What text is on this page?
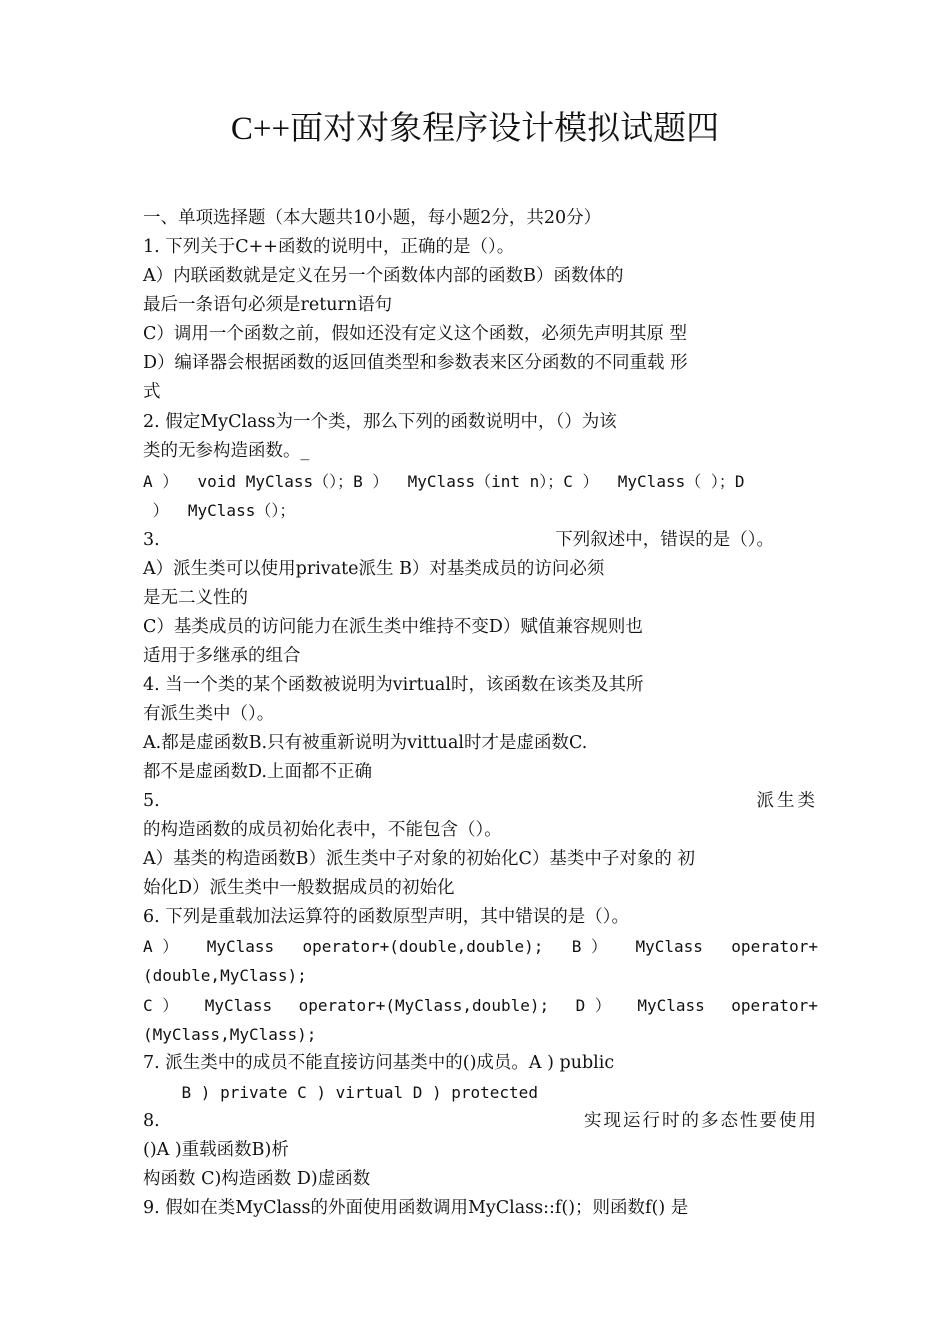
C++面对对象程序设计模拟试题四
一、单项选择题（本大题共10小题，每小题2分，共20分）
1. 下列关于C++函数的说明中，正确的是（）。
A）内联函数就是定义在另一个函数体内部的函数B）函数体的
最后一条语句必须是return语句
C）调用一个函数之前，假如还没有定义这个函数，必须先声明其原 型
D）编译器会根据函数的返回值类型和参数表来区分函数的不同重载 形
式
2. 假定MyClass为一个类，那么下列的函数说明中，（）为该
类的无参构造函数。_
A ）  void MyClass（）；B ）  MyClass（int n）；C ）  MyClass（ ）；D
）  MyClass（）；
3.	下列叙述中，错误的是（）。
A）派生类可以使用private派生 B）对基类成员的访问必须
是无二义性的
C）基类成员的访问能力在派生类中维持不变D）赋值兼容规则也
适用于多继承的组合
4. 当一个类的某个函数被说明为virtual时，该函数在该类及其所
有派生类中（）。
A.都是虚函数B.只有被重新说明为vittual时才是虚函数C.
都不是虚函数D.上面都不正确
5.	派生类
的构造函数的成员初始化表中，不能包含（）。
A）基类的构造函数B）派生类中子对象的初始化C）基类中子对象的 初
始化D）派生类中一般数据成员的初始化
6. 下列是重载加法运算符的函数原型声明，其中错误的是（）。
A ） MyClass operator+(double,double); B ） MyClass operator+
(double,MyClass);
C ） MyClass operator+(MyClass,double); D ） MyClass operator+
(MyClass,MyClass);
7. 派生类中的成员不能直接访问基类中的()成员。A ) public
B ) private C ) virtual D ) protected
8.	实现运行时的多态性要使用
()A )重载函数B)析
构函数 C)构造函数 D)虚函数
9. 假如在类MyClass的外面使用函数调用MyClass::f()；则函数f() 是
